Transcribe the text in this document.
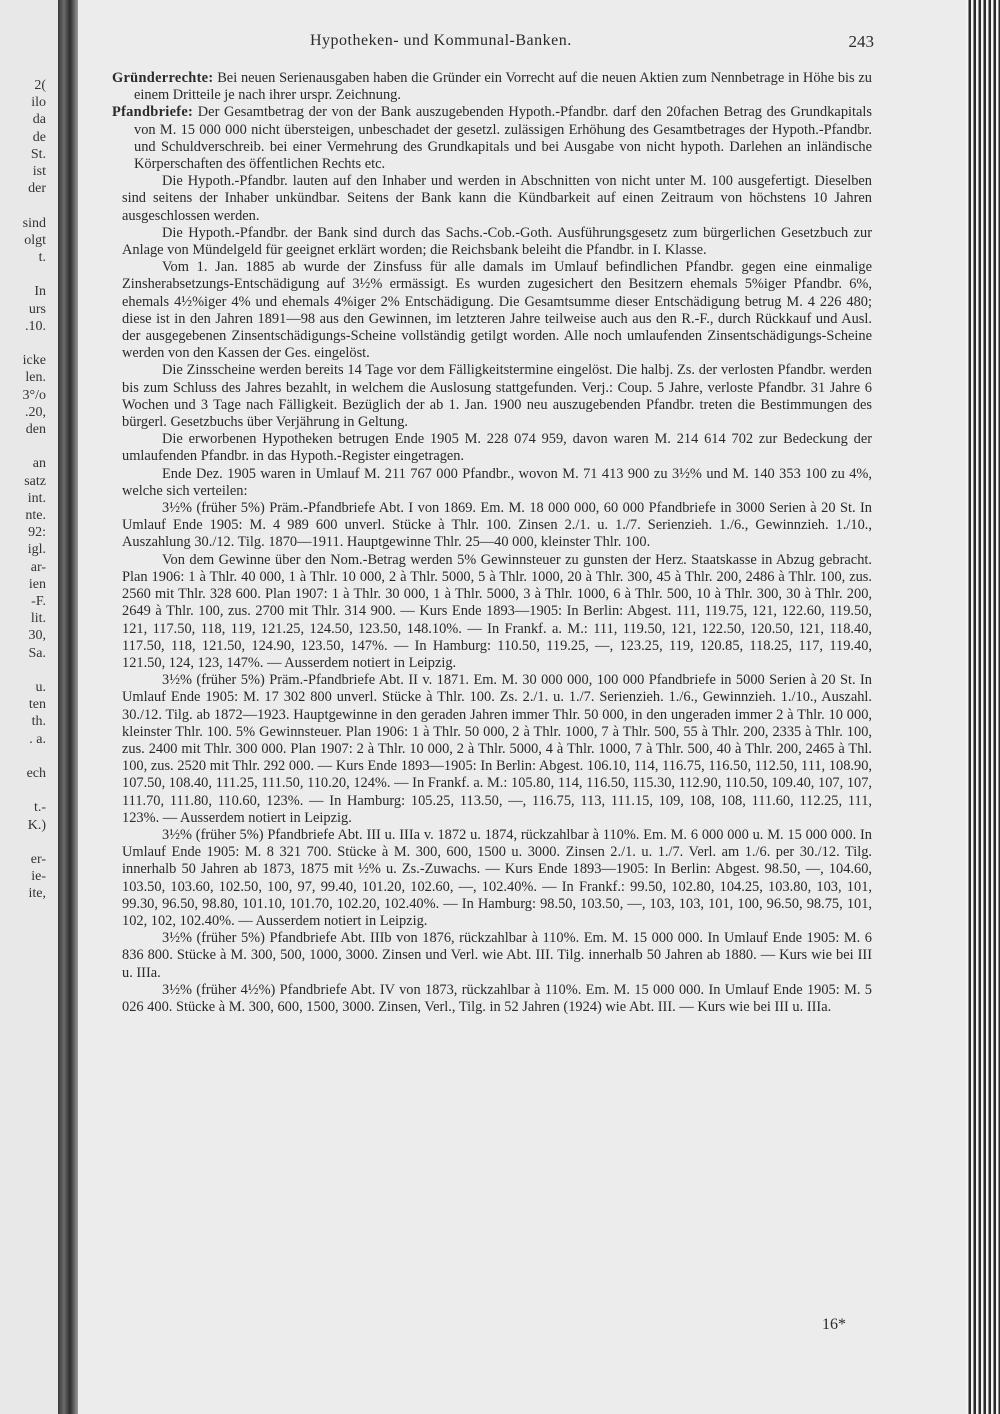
2(
ilo
da
de
St.
ist
der
sind
olgt
t.
In
urs
.10.
icke
len.
3°/o
.20,
den
an
satz
int.
nte.
92:
igl.
ar-
ien
-F.
lit.
30,
Sa.
u.
ten
th.
. a.
ech
t.-
K.)
er-
ie-
ite,
Hypotheken- und Kommunal-Banken.	243

Gründerrechte: Bei neuen Serienausgaben haben die Gründer ein Vorrecht auf die neuen Aktien zum Nennbetrage in Höhe bis zu einem Dritteile je nach ihrer urspr. Zeichnung.

Pfandbriefe: Der Gesamtbetrag der von der Bank auszugebenden Hypoth.-Pfandbr. darf den 20fachen Betrag des Grundkapitals von M. 15 000 000 nicht übersteigen, unbeschadet der gesetzl. zulässigen Erhöhung des Gesamtbetrages der Hypoth.-Pfandbr. und Schuldverschreib. bei einer Vermehrung des Grundkapitals und bei Ausgabe von nicht hypoth. Darlehen an inländische Körperschaften des öffentlichen Rechts etc.

Die Hypoth.-Pfandbr. lauten auf den Inhaber und werden in Abschnitten von nicht unter M. 100 ausgefertigt. Dieselben sind seitens der Inhaber unkündbar. Seitens der Bank kann die Kündbarkeit auf einen Zeitraum von höchstens 10 Jahren ausgeschlossen werden.

Die Hypoth.-Pfandbr. der Bank sind durch das Sachs.-Cob.-Goth. Ausführungsgesetz zum bürgerlichen Gesetzbuch zur Anlage von Mündelgeld für geeignet erklärt worden; die Reichsbank beleiht die Pfandbr. in I. Klasse.

Vom 1. Jan. 1885 ab wurde der Zinsfuss für alle damals im Umlauf befindlichen Pfandbr. gegen eine einmalige Zinsherabsetzungs-Entschädigung auf 3½% ermässigt. Es wurden zugesichert den Besitzern ehemals 5%iger Pfandbr. 6%, ehemals 4½%iger 4% und ehemals 4%iger 2% Entschädigung. Die Gesamtsumme dieser Entschädigung betrug M. 4 226 480; diese ist in den Jahren 1891—98 aus den Gewinnen, im letzteren Jahre teilweise auch aus den R.-F., durch Rückkauf und Ausl. der ausgegebenen Zinsentschädigungs-Scheine vollständig getilgt worden. Alle noch umlaufenden Zinsentschädigungs-Scheine werden von den Kassen der Ges. eingelöst.

Die Zinsscheine werden bereits 14 Tage vor dem Fälligkeitstermine eingelöst. Die halbj. Zs. der verlosten Pfandbr. werden bis zum Schluss des Jahres bezahlt, in welchem die Auslosung stattgefunden. Verj.: Coup. 5 Jahre, verloste Pfandbr. 31 Jahre 6 Wochen und 3 Tage nach Fälligkeit. Bezüglich der ab 1. Jan. 1900 neu auszugebenden Pfandbr. treten die Bestimmungen des bürgerl. Gesetzbuchs über Verjährung in Geltung.

Die erworbenen Hypotheken betrugen Ende 1905 M. 228 074 959, davon waren M. 214 614 702 zur Bedeckung der umlaufenden Pfandbr. in das Hypoth.-Register eingetragen.

Ende Dez. 1905 waren in Umlauf M. 211 767 000 Pfandbr., wovon M. 71 413 900 zu 3½% und M. 140 353 100 zu 4%, welche sich verteilen:

3½% (früher 5%) Präm.-Pfandbriefe Abt. I von 1869. Em. M. 18 000 000, 60 000 Pfandbriefe in 3000 Serien à 20 St. In Umlauf Ende 1905: M. 4 989 600 unverl. Stücke à Thlr. 100. Zinsen 2./1. u. 1./7. Serienzieh. 1./6., Gewinnzieh. 1./10., Auszahlung 30./12. Tilg. 1870—1911. Hauptgewinne Thlr. 25—40 000, kleinster Thlr. 100.

Von dem Gewinne über den Nom.-Betrag werden 5% Gewinnsteuer zu gunsten der Herz. Staatskasse in Abzug gebracht. Plan 1906: 1 à Thlr. 40 000, 1 à Thlr. 10 000, 2 à Thlr. 5000, 5 à Thlr. 1000, 20 à Thlr. 300, 45 à Thlr. 200, 2486 à Thlr. 100, zus. 2560 mit Thlr. 328 600. Plan 1907: 1 à Thlr. 30 000, 1 à Thlr. 5000, 3 à Thlr. 1000, 6 à Thlr. 500, 10 à Thlr. 300, 30 à Thlr. 200, 2649 à Thlr. 100, zus. 2700 mit Thlr. 314 900. — Kurs Ende 1893—1905: In Berlin: Abgest. 111, 119.75, 121, 122.60, 119.50, 121, 117.50, 118, 119, 121.25, 124.50, 123.50, 148.10%. — In Frankf. a. M.: 111, 119.50, 121, 122.50, 120.50, 121, 118.40, 117.50, 118, 121.50, 124.90, 123.50, 147%. — In Hamburg: 110.50, 119.25, —, 123.25, 119, 120.85, 118.25, 117, 119.40, 121.50, 124, 123, 147%. — Ausserdem notiert in Leipzig.

3½% (früher 5%) Präm.-Pfandbriefe Abt. II v. 1871. Em. M. 30 000 000, 100 000 Pfandbriefe in 5000 Serien à 20 St. In Umlauf Ende 1905: M. 17 302 800 unverl. Stücke à Thlr. 100. Zs. 2./1. u. 1./7. Serienzieh. 1./6., Gewinnzieh. 1./10., Auszahl. 30./12. Tilg. ab 1872—1923. Hauptgewinne in den geraden Jahren immer Thlr. 50 000, in den ungeraden immer 2 à Thlr. 10 000, kleinster Thlr. 100. 5% Gewinnsteuer. Plan 1906: 1 à Thlr. 50 000, 2 à Thlr. 1000, 7 à Thlr. 500, 55 à Thlr. 200, 2335 à Thlr. 100, zus. 2400 mit Thlr. 300 000. Plan 1907: 2 à Thlr. 10 000, 2 à Thlr. 5000, 4 à Thlr. 1000, 7 à Thlr. 500, 40 à Thlr. 200, 2465 à Thl. 100, zus. 2520 mit Thlr. 292 000. — Kurs Ende 1893—1905: In Berlin: Abgest. 106.10, 114, 116.75, 116.50, 112.50, 111, 108.90, 107.50, 108.40, 111.25, 111.50, 110.20, 124%. — In Frankf. a. M.: 105.80, 114, 116.50, 115.30, 112.90, 110.50, 109.40, 107, 107, 111.70, 111.80, 110.60, 123%. — In Hamburg: 105.25, 113.50, —, 116.75, 113, 111.15, 109, 108, 108, 111.60, 112.25, 111, 123%. — Ausserdem notiert in Leipzig.

3½% (früher 5%) Pfandbriefe Abt. III u. IIIa v. 1872 u. 1874, rückzahlbar à 110%. Em. M. 6 000 000 u. M. 15 000 000. In Umlauf Ende 1905: M. 8 321 700. Stücke à M. 300, 600, 1500 u. 3000. Zinsen 2./1. u. 1./7. Verl. am 1./6. per 30./12. Tilg. innerhalb 50 Jahren ab 1873, 1875 mit ½% u. Zs.-Zuwachs. — Kurs Ende 1893—1905: In Berlin: Abgest. 98.50, —, 104.60, 103.50, 103.60, 102.50, 100, 97, 99.40, 101.20, 102.60, —, 102.40%. — In Frankf.: 99.50, 102.80, 104.25, 103.80, 103, 101, 99.30, 96.50, 98.80, 101.10, 101.70, 102.20, 102.40%. — In Hamburg: 98.50, 103.50, —, 103, 103, 101, 100, 96.50, 98.75, 101, 102, 102, 102.40%. — Ausserdem notiert in Leipzig.

3½% (früher 5%) Pfandbriefe Abt. IIIb von 1876, rückzahlbar à 110%. Em. M. 15 000 000. In Umlauf Ende 1905: M. 6 836 800. Stücke à M. 300, 500, 1000, 3000. Zinsen und Verl. wie Abt. III. Tilg. innerhalb 50 Jahren ab 1880. — Kurs wie bei III u. IIIa.

3½% (früher 4½%) Pfandbriefe Abt. IV von 1873, rückzahlbar à 110%. Em. M. 15 000 000. In Umlauf Ende 1905: M. 5 026 400. Stücke à M. 300, 600, 1500, 3000. Zinsen, Verl., Tilg. in 52 Jahren (1924) wie Abt. III. — Kurs wie bei III u. IIIa.

16*
